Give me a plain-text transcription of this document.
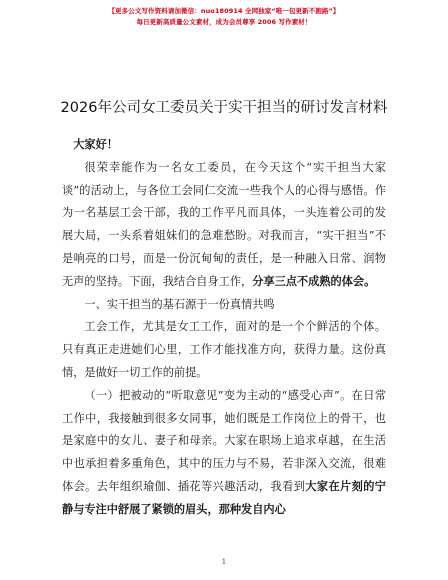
【更多公文写作资料请加微信：nuo180914 全网独家“唯一包更新不跑路”】
每日更新高质量公文素材，成为会员尊享 2006 写作素材！
2026年公司女工委员关于实干担当的研讨发言材料

大家好！

很荣幸能作为一名女工委员，在今天这个“实干担当大家谈”的活动上，与各位工会同仁交流一些我个人的心得与感悟。作为一名基层工会干部，我的工作平凡而具体，一头连着公司的发展大局，一头系着姐妹们的急难愁盼。对我而言，“实干担当”不是响亮的口号，而是一份沉甸甸的责任，是一种融入日常、润物无声的坚持。下面，我结合自身工作，分享三点不成熟的体会。

一、实干担当的基石源于一份真情共鸣

工会工作，尤其是女工工作，面对的是一个个鲜活的个体。只有真正走进她们心里，工作才能找准方向，获得力量。这份真情，是做好一切工作的前提。

（一）把被动的“听取意见”变为主动的“感受心声”。在日常工作中，我接触到很多女同事，她们既是工作岗位上的骨干，也是家庭中的女儿、妻子和母亲。大家在职场上追求卓越，在生活中也承担着多重角色，其中的压力与不易，若非深入交流，很难体会。去年组织瑜伽、插花等兴趣活动，我看到大家在片刻的宁静与专注中舒展了紧锁的眉头，那种发自内心

1
